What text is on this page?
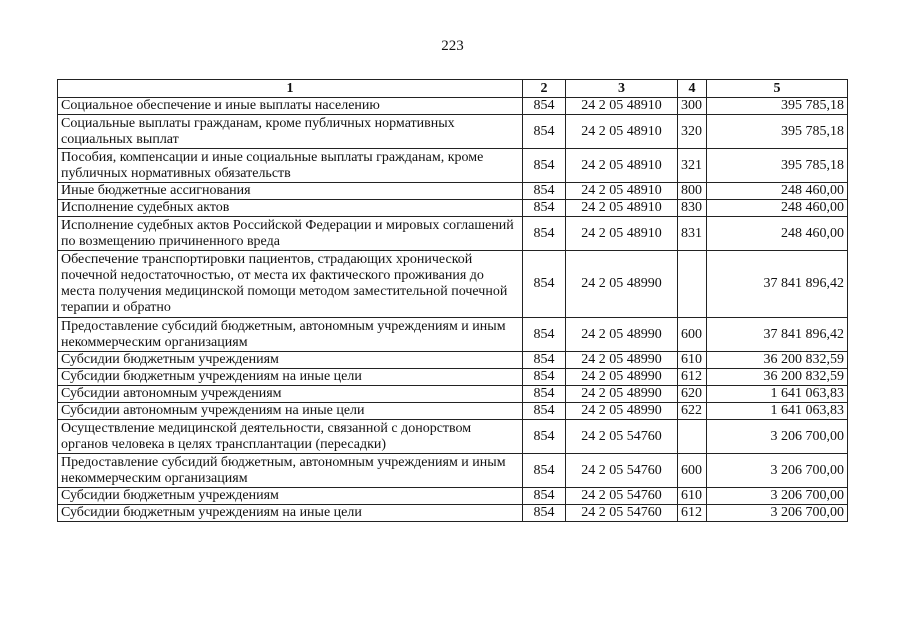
223
1	2	3	4	5
Социальное обеспечение и иные выплаты населению	854	24 2 05 48910	300	395 785,18
Социальные выплаты гражданам, кроме публичных нормативных социальных выплат	854	24 2 05 48910	320	395 785,18
Пособия, компенсации и иные социальные выплаты гражданам, кроме публичных нормативных обязательств	854	24 2 05 48910	321	395 785,18
Иные бюджетные ассигнования	854	24 2 05 48910	800	248 460,00
Исполнение судебных актов	854	24 2 05 48910	830	248 460,00
Исполнение судебных актов Российской Федерации и мировых соглашений по возмещению причиненного вреда	854	24 2 05 48910	831	248 460,00
Обеспечение транспортировки пациентов, страдающих хронической почечной недостаточностью, от места их фактического проживания до места получения медицинской помощи методом заместительной почечной терапии и обратно	854	24 2 05 48990		37 841 896,42
Предоставление субсидий бюджетным, автономным учреждениям и иным некоммерческим организациям	854	24 2 05 48990	600	37 841 896,42
Субсидии бюджетным учреждениям	854	24 2 05 48990	610	36 200 832,59
Субсидии бюджетным учреждениям на иные цели	854	24 2 05 48990	612	36 200 832,59
Субсидии автономным учреждениям	854	24 2 05 48990	620	1 641 063,83
Субсидии автономным учреждениям на иные цели	854	24 2 05 48990	622	1 641 063,83
Осуществление медицинской деятельности, связанной с донорством органов человека в целях трансплантации (пересадки)	854	24 2 05 54760		3 206 700,00
Предоставление субсидий бюджетным, автономным учреждениям и иным некоммерческим организациям	854	24 2 05 54760	600	3 206 700,00
Субсидии бюджетным учреждениям	854	24 2 05 54760	610	3 206 700,00
Субсидии бюджетным учреждениям на иные цели	854	24 2 05 54760	612	3 206 700,00
